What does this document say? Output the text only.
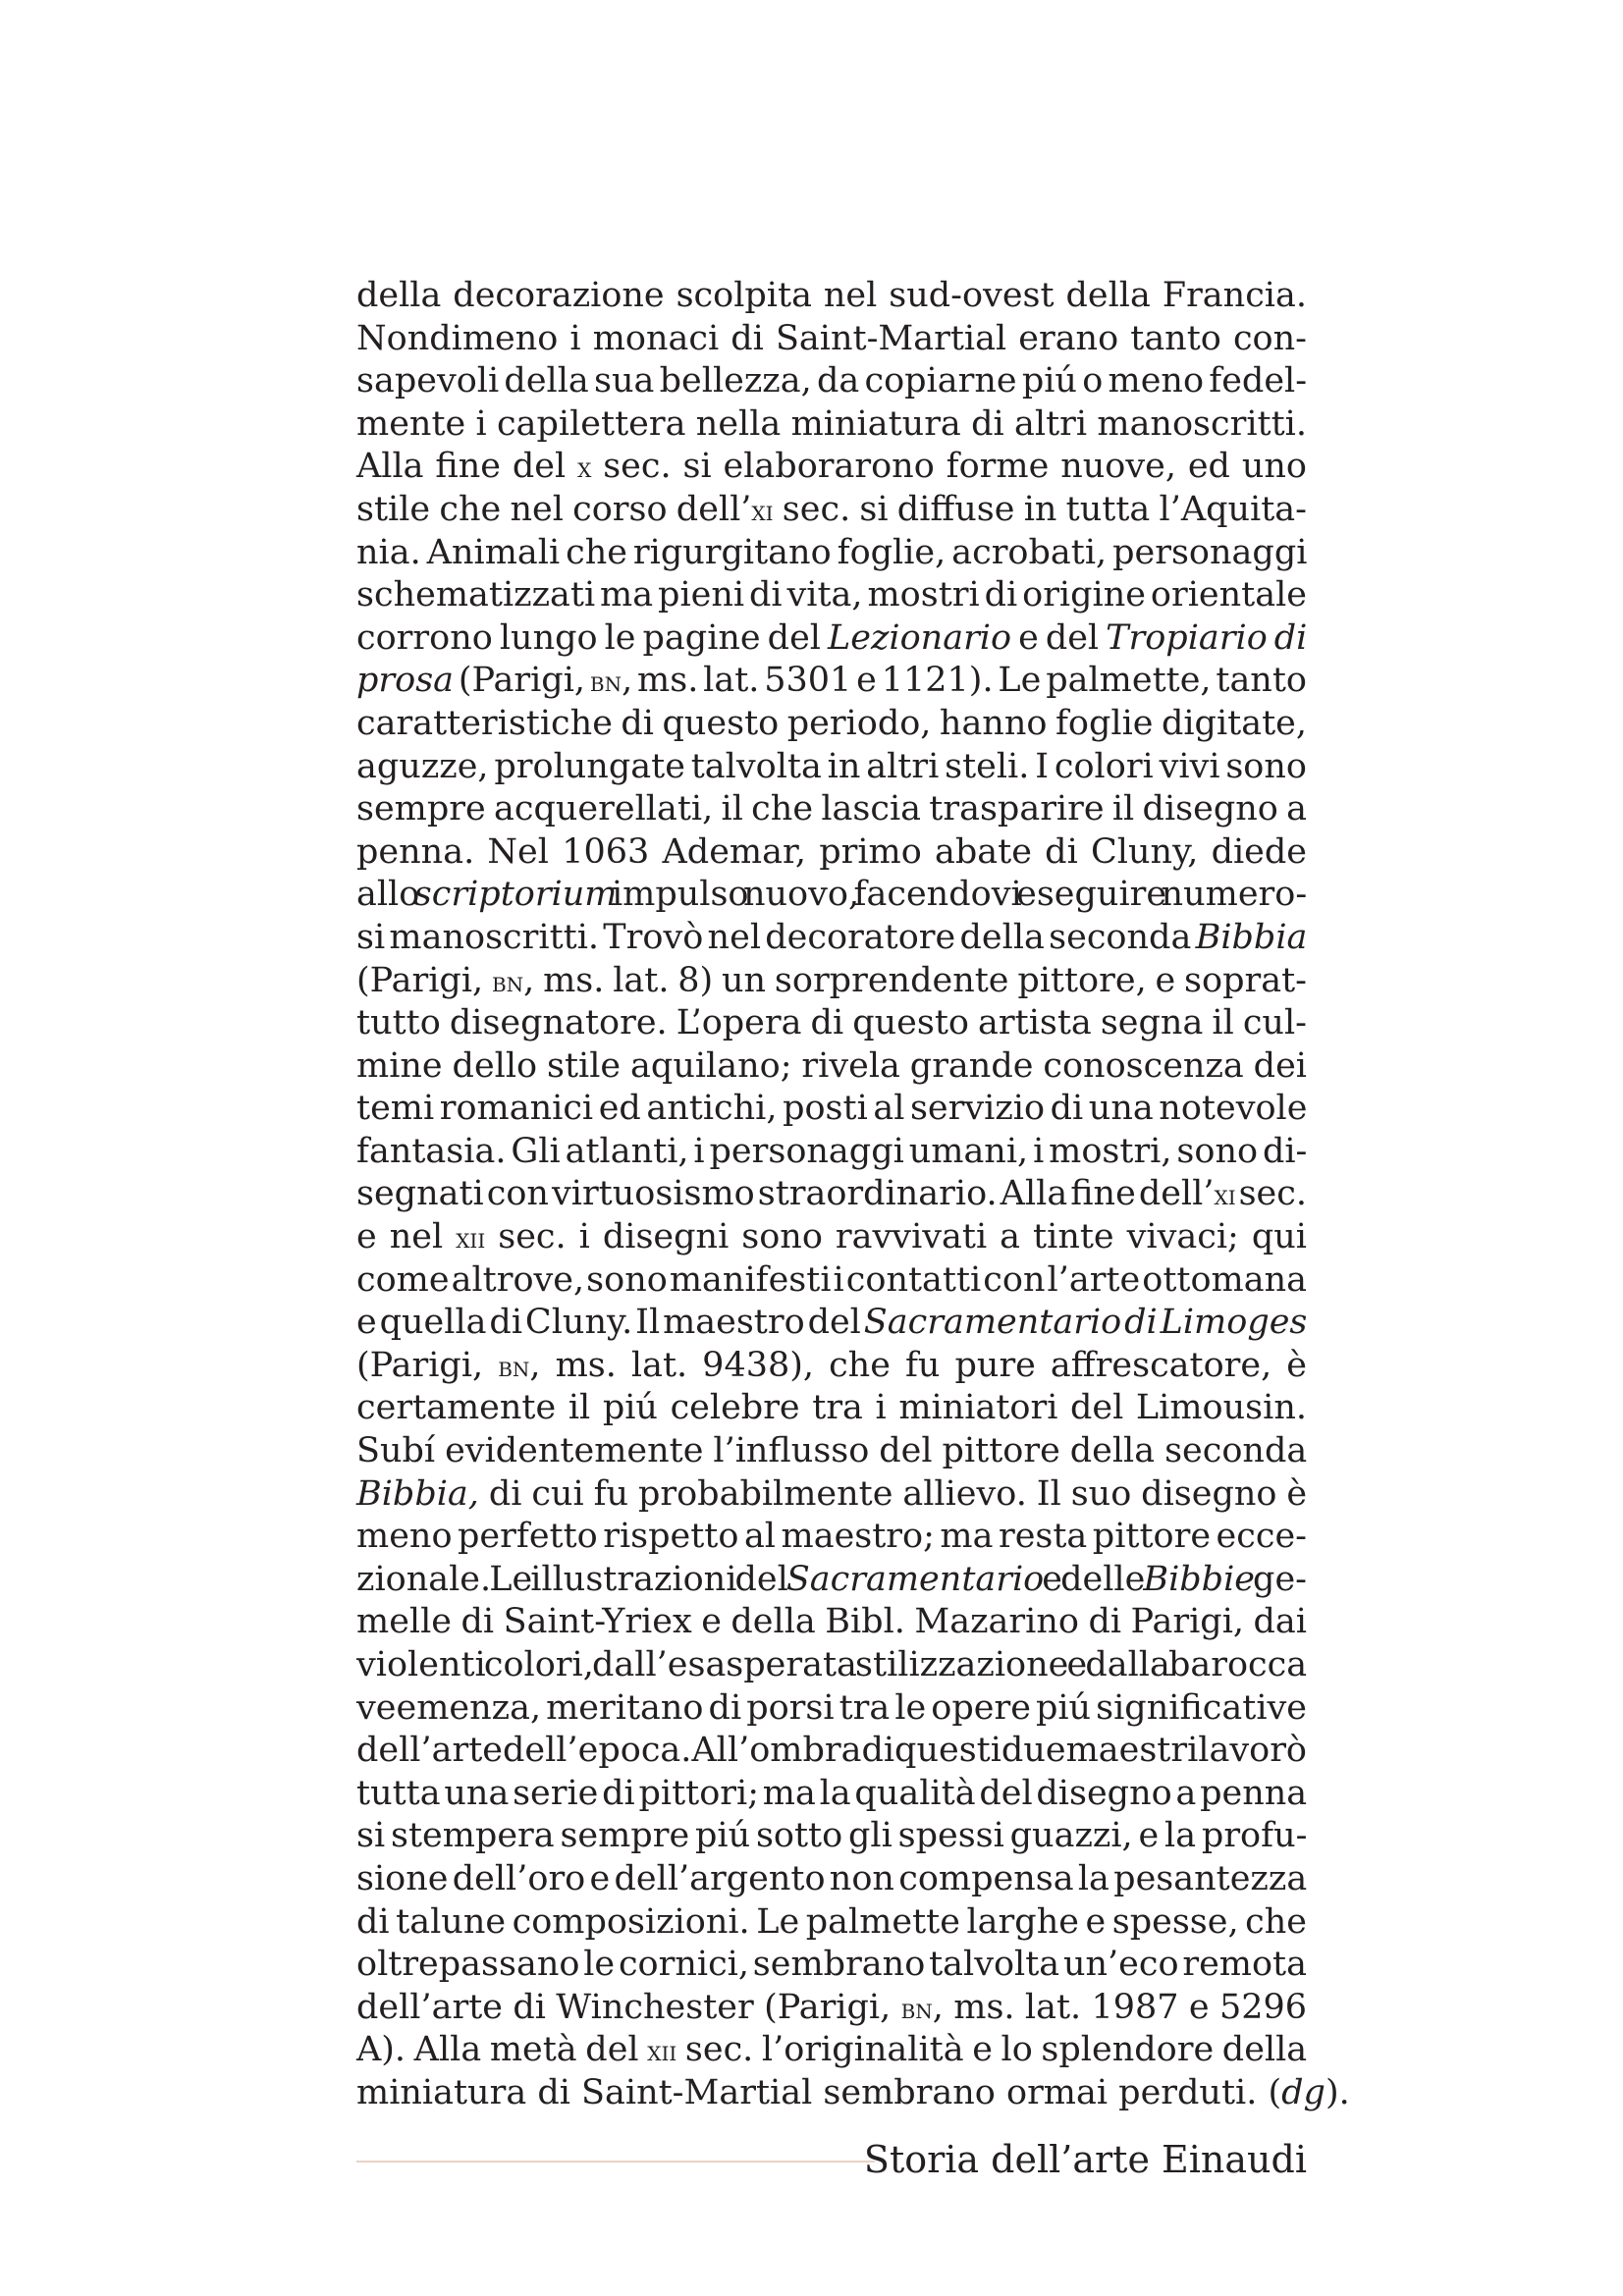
della decorazione scolpita nel sud-ovest della Francia.
Nondimeno i monaci di Saint-Martial erano tanto con-
sapevoli della sua bellezza, da copiarne piú o meno fedel-
mente i capilettera nella miniatura di altri manoscritti.
Alla fine del x sec. si elaborarono forme nuove, ed uno
stile che nel corso dell’xi sec. si diffuse in tutta l’Aquita-
nia. Animali che rigurgitano foglie, acrobati, personaggi
schematizzati ma pieni di vita, mostri di origine orientale
corrono lungo le pagine del Lezionario e del Tropiario di
prosa (Parigi, bn, ms. lat. 5301 e 1121). Le palmette, tanto
caratteristiche di questo periodo, hanno foglie digitate,
aguzze, prolungate talvolta in altri steli. I colori vivi sono
sempre acquerellati, il che lascia trasparire il disegno a
penna. Nel 1063 Ademar, primo abate di Cluny, diede
allo scriptorium impulso nuovo, facendovi eseguire numero-
si manoscritti. Trovò nel decoratore della seconda Bibbia
(Parigi, bn, ms. lat. 8) un sorprendente pittore, e soprat-
tutto disegnatore. L’opera di questo artista segna il cul-
mine dello stile aquilano; rivela grande conoscenza dei
temi romanici ed antichi, posti al servizio di una notevole
fantasia. Gli atlanti, i personaggi umani, i mostri, sono di-
segnati con virtuosismo straordinario. Alla fine dell’xi sec.
e nel xii sec. i disegni sono ravvivati a tinte vivaci; qui
come altrove, sono manifesti i contatti con l’arte ottomana
e quella di Cluny. Il maestro del Sacramentario di Limoges
(Parigi, bn, ms. lat. 9438), che fu pure affrescatore, è
certamente il piú celebre tra i miniatori del Limousin.
Subí evidentemente l’influsso del pittore della seconda
Bibbia, di cui fu probabilmente allievo. Il suo disegno è
meno perfetto rispetto al maestro; ma resta pittore ecce-
zionale. Le illustrazioni del Sacramentario e delle Bibbie ge-
melle di Saint-Yriex e della Bibl. Mazarino di Parigi, dai
violenti colori, dall’esasperata stilizzazione e dalla barocca
veemenza, meritano di porsi tra le opere piú significative
dell’arte dell’epoca. All’ombra di questi due maestri lavorò
tutta una serie di pittori; ma la qualità del disegno a penna
si stempera sempre piú sotto gli spessi guazzi, e la profu-
sione dell’oro e dell’argento non compensa la pesantezza
di talune composizioni. Le palmette larghe e spesse, che
oltrepassano le cornici, sembrano talvolta un’eco remota
dell’arte di Winchester (Parigi, bn, ms. lat. 1987 e 5296
A). Alla metà del xii sec. l’originalità e lo splendore della
miniatura di Saint-Martial sembrano ormai perduti. (dg).
Storia dell’arte Einaudi
